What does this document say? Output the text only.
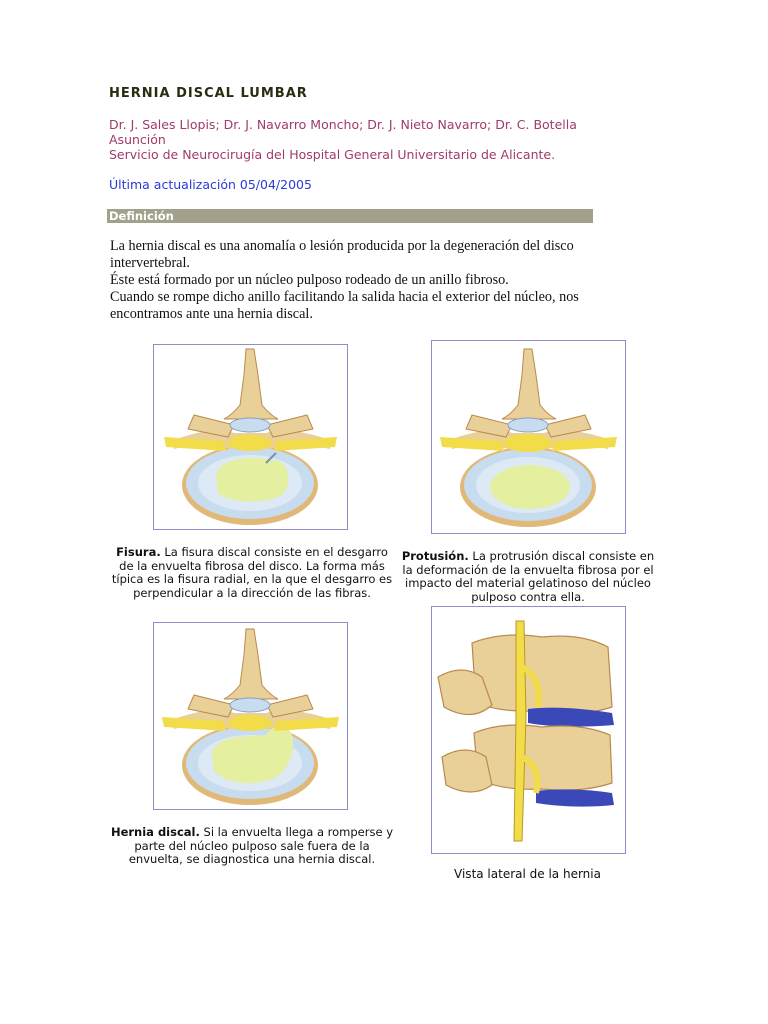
HERNIA DISCAL LUMBAR
Dr. J. Sales Llopis; Dr. J. Navarro Moncho; Dr. J. Nieto Navarro; Dr. C. Botella Asunción
Servicio de Neurocirugía del Hospital General Universitario de Alicante.
Última actualización 05/04/2005
Definición

La hernia discal es una anomalía o lesión producida por la degeneración del disco intervertebral.

Éste está formado por un núcleo pulposo rodeado de un anillo fibroso.

Cuando se rompe dicho anillo facilitando la salida hacia el exterior del núcleo, nos encontramos ante una hernia discal.

Fisura. La fisura discal consiste en el desgarro de la envuelta fibrosa del disco. La forma más típica es la fisura radial, en la que el desgarro es perpendicular a la dirección de las fibras.
Protusión. La protrusión discal consiste en la deformación de la envuelta fibrosa por el impacto del material gelatinoso del núcleo pulposo contra ella.
Hernia discal. Si la envuelta llega a romperse y parte del núcleo pulposo sale fuera de la envuelta, se diagnostica una hernia discal.
Vista lateral de la hernia
